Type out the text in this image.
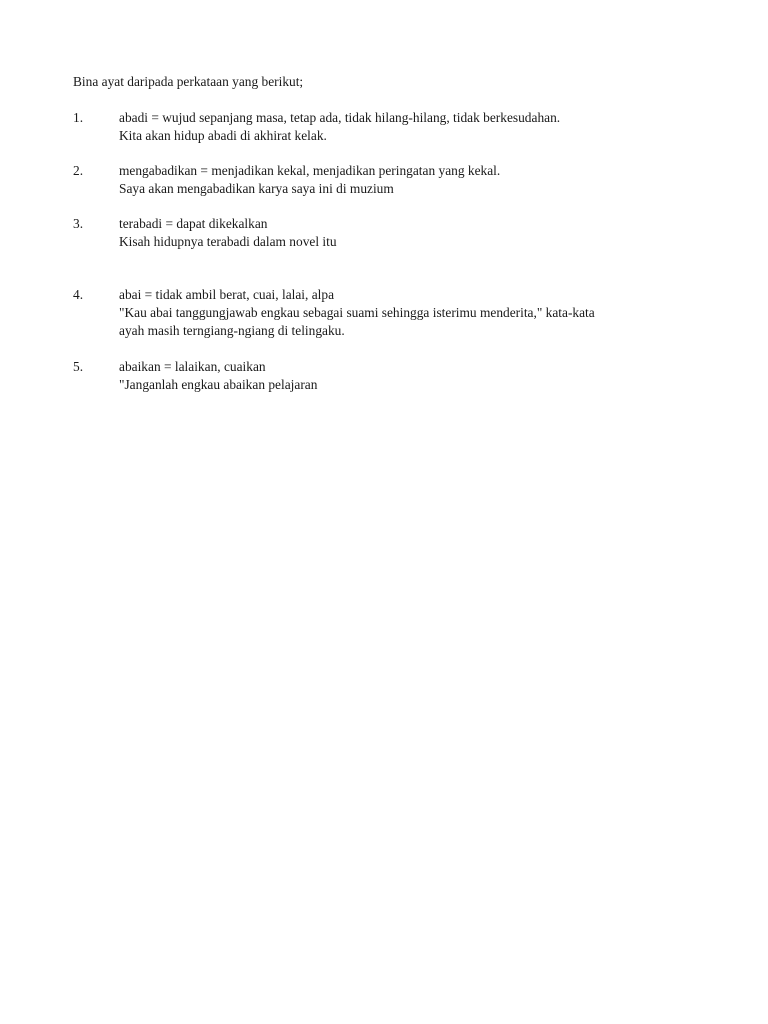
Bina ayat daripada perkataan yang berikut;
1.	abadi = wujud sepanjang masa, tetap ada, tidak hilang-hilang, tidak berkesudahan.
Kita akan hidup abadi di akhirat kelak.
2.	mengabadikan = menjadikan kekal, menjadikan peringatan yang kekal.
Saya akan mengabadikan karya saya ini di muzium
3.	terabadi = dapat dikekalkan
Kisah hidupnya terabadi dalam novel itu
4.	abai = tidak ambil berat, cuai, lalai, alpa
"Kau abai tanggungjawab engkau sebagai suami sehingga isterimu menderita," kata-kata
ayah masih terngiang-ngiang di telingaku.
5.	abaikan = lalaikan, cuaikan
"Janganlah engkau abaikan pelajaran
